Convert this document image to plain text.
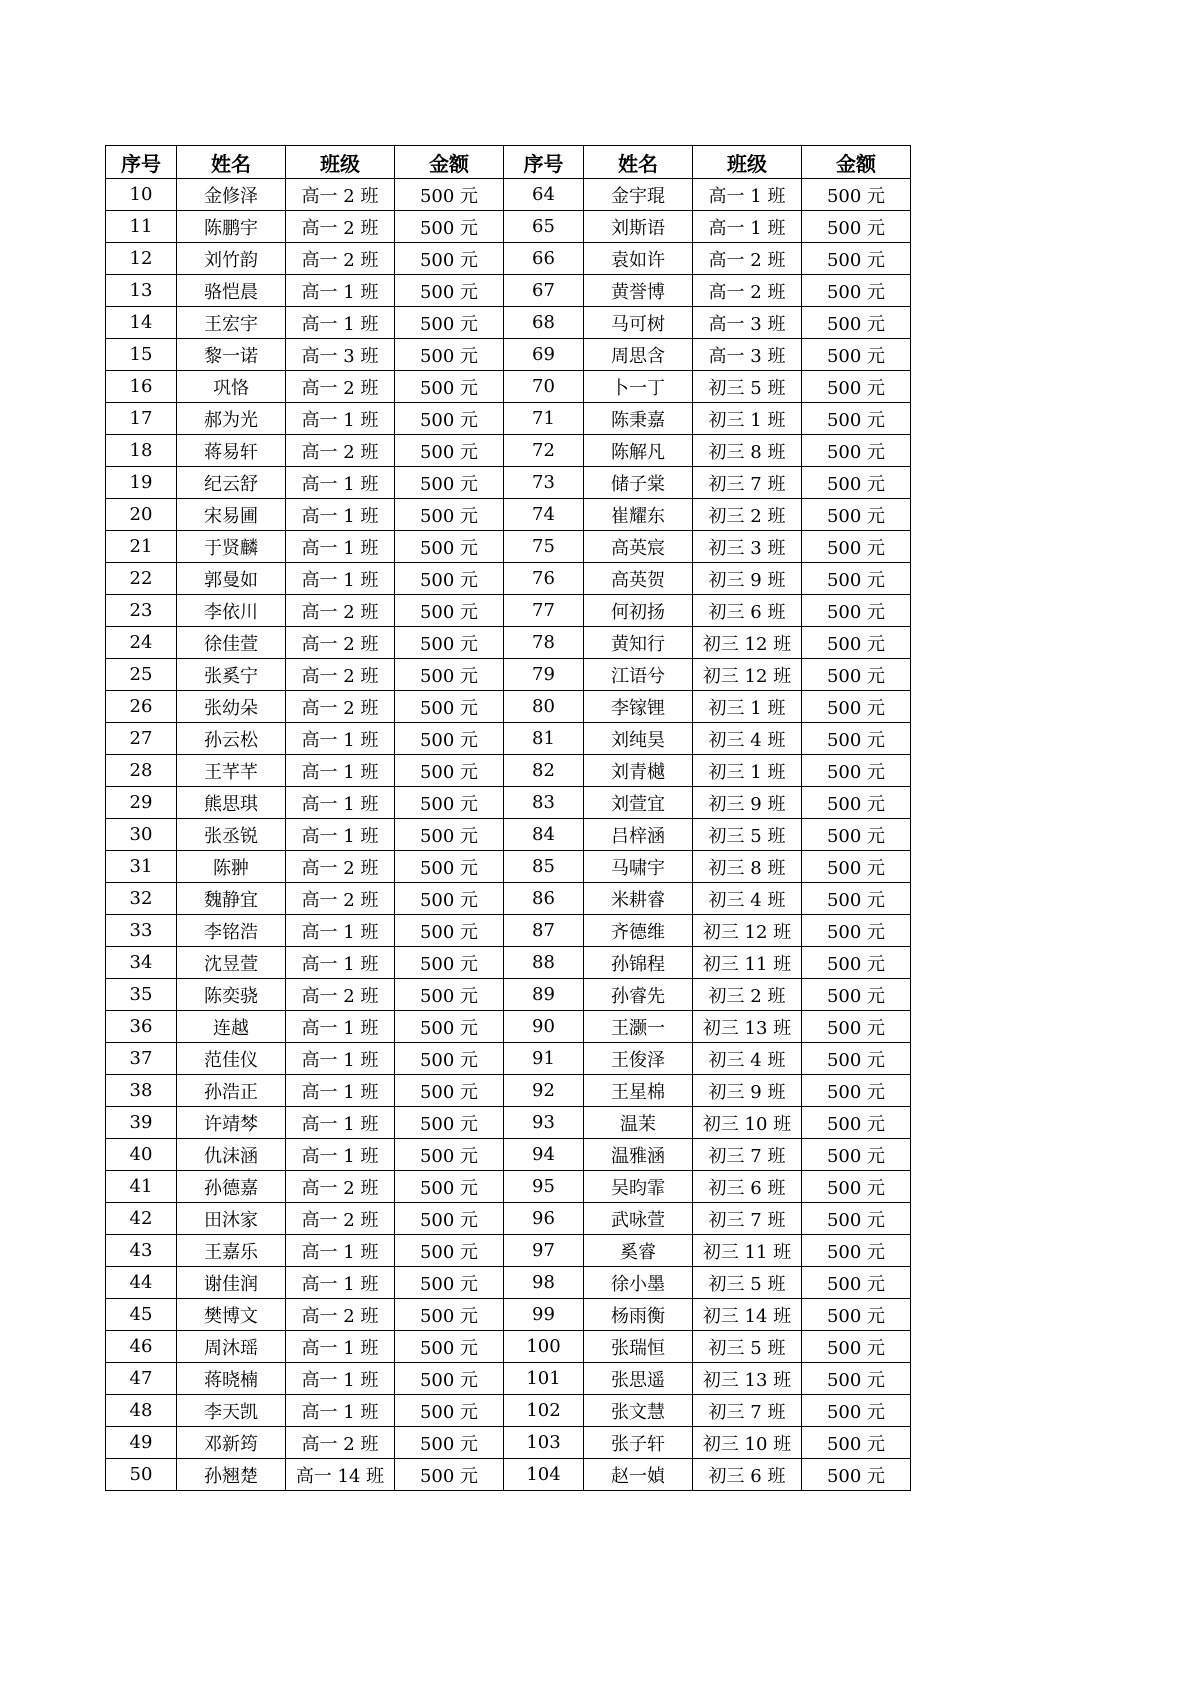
序号	姓名	班级	金额	序号	姓名	班级	金额
10	金修泽	高一 2 班	500 元	64	金宇琨	高一 1 班	500 元
11	陈鹏宇	高一 2 班	500 元	65	刘斯语	高一 1 班	500 元
12	刘竹韵	高一 2 班	500 元	66	袁如许	高一 2 班	500 元
13	骆恺晨	高一 1 班	500 元	67	黄誉博	高一 2 班	500 元
14	王宏宇	高一 1 班	500 元	68	马可树	高一 3 班	500 元
15	黎一诺	高一 3 班	500 元	69	周思含	高一 3 班	500 元
16	巩恪	高一 2 班	500 元	70	卜一丁	初三 5 班	500 元
17	郝为光	高一 1 班	500 元	71	陈秉嘉	初三 1 班	500 元
18	蒋易轩	高一 2 班	500 元	72	陈解凡	初三 8 班	500 元
19	纪云舒	高一 1 班	500 元	73	储子棠	初三 7 班	500 元
20	宋易圃	高一 1 班	500 元	74	崔耀东	初三 2 班	500 元
21	于贤麟	高一 1 班	500 元	75	高英宸	初三 3 班	500 元
22	郭曼如	高一 1 班	500 元	76	高英贺	初三 9 班	500 元
23	李依川	高一 2 班	500 元	77	何初扬	初三 6 班	500 元
24	徐佳萱	高一 2 班	500 元	78	黄知行	初三 12 班	500 元
25	张奚宁	高一 2 班	500 元	79	江语兮	初三 12 班	500 元
26	张幼朵	高一 2 班	500 元	80	李镓锂	初三 1 班	500 元
27	孙云松	高一 1 班	500 元	81	刘纯昊	初三 4 班	500 元
28	王芊芊	高一 1 班	500 元	82	刘青樾	初三 1 班	500 元
29	熊思琪	高一 1 班	500 元	83	刘萱宜	初三 9 班	500 元
30	张丞锐	高一 1 班	500 元	84	吕梓涵	初三 5 班	500 元
31	陈翀	高一 2 班	500 元	85	马啸宇	初三 8 班	500 元
32	魏静宜	高一 2 班	500 元	86	米耕睿	初三 4 班	500 元
33	李铭浩	高一 1 班	500 元	87	齐德维	初三 12 班	500 元
34	沈昱萱	高一 1 班	500 元	88	孙锦程	初三 11 班	500 元
35	陈奕骁	高一 2 班	500 元	89	孙睿先	初三 2 班	500 元
36	连越	高一 1 班	500 元	90	王灏一	初三 13 班	500 元
37	范佳仪	高一 1 班	500 元	91	王俊泽	初三 4 班	500 元
38	孙浩正	高一 1 班	500 元	92	王星棉	初三 9 班	500 元
39	许靖棽	高一 1 班	500 元	93	温茉	初三 10 班	500 元
40	仇沫涵	高一 1 班	500 元	94	温雅涵	初三 7 班	500 元
41	孙德嘉	高一 2 班	500 元	95	吴昀霏	初三 6 班	500 元
42	田沐家	高一 2 班	500 元	96	武咏萱	初三 7 班	500 元
43	王嘉乐	高一 1 班	500 元	97	奚睿	初三 11 班	500 元
44	谢佳润	高一 1 班	500 元	98	徐小墨	初三 5 班	500 元
45	樊博文	高一 2 班	500 元	99	杨雨衡	初三 14 班	500 元
46	周沐瑶	高一 1 班	500 元	100	张瑞恒	初三 5 班	500 元
47	蒋晓楠	高一 1 班	500 元	101	张思遥	初三 13 班	500 元
48	李天凯	高一 1 班	500 元	102	张文慧	初三 7 班	500 元
49	邓新筠	高一 2 班	500 元	103	张子轩	初三 10 班	500 元
50	孙翘楚	高一 14 班	500 元	104	赵一媜	初三 6 班	500 元
